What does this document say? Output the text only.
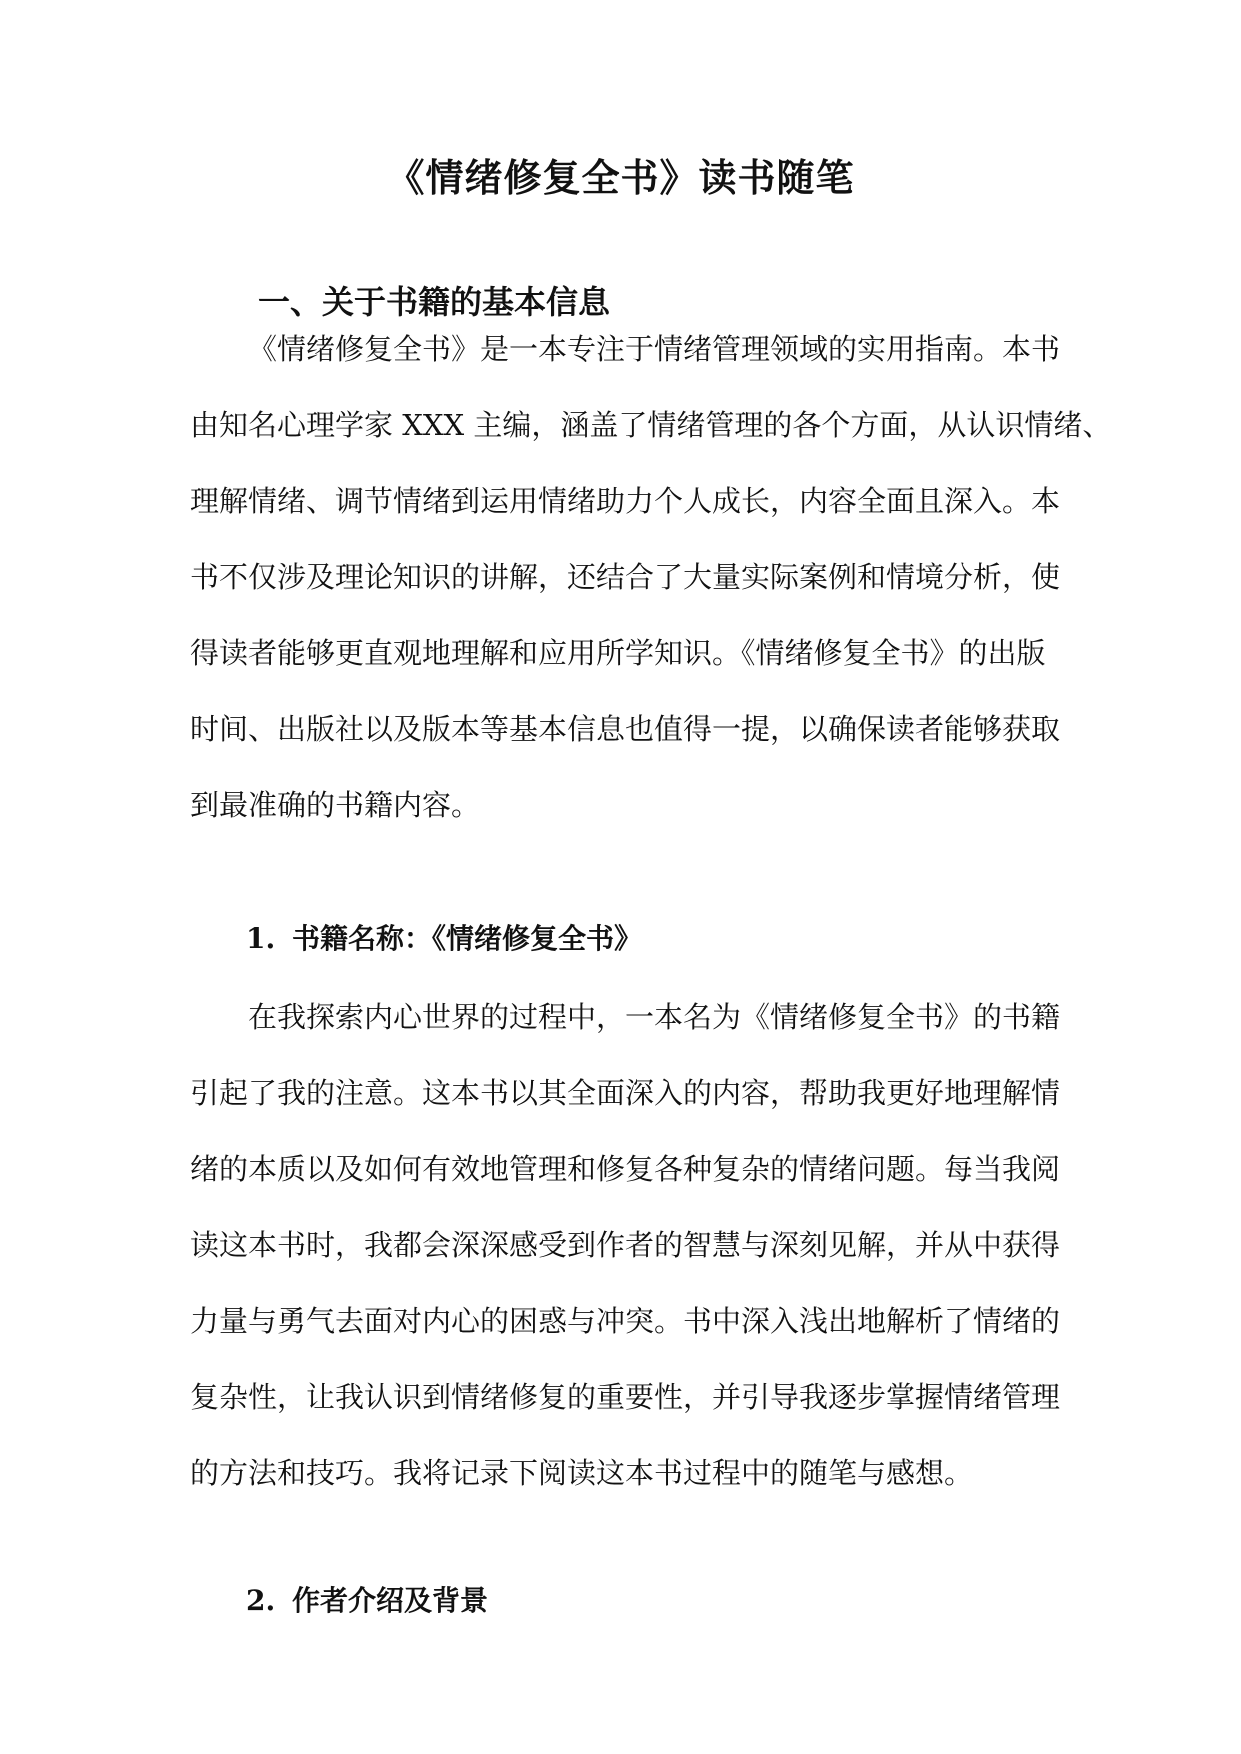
《情绪修复全书》读书随笔
一、关于书籍的基本信息
《情绪修复全书》是一本专注于情绪管理领域的实用指南。本书
由知名心理学家 XXX 主编，涵盖了情绪管理的各个方面，从认识情绪、
理解情绪、调节情绪到运用情绪助力个人成长，内容全面且深入。本
书不仅涉及理论知识的讲解，还结合了大量实际案例和情境分析，使
得读者能够更直观地理解和应用所学知识。《情绪修复全书》的出版
时间、出版社以及版本等基本信息也值得一提，以确保读者能够获取
到最准确的书籍内容。
1. 书籍名称：《情绪修复全书》
在我探索内心世界的过程中，一本名为《情绪修复全书》的书籍
引起了我的注意。这本书以其全面深入的内容，帮助我更好地理解情
绪的本质以及如何有效地管理和修复各种复杂的情绪问题。每当我阅
读这本书时，我都会深深感受到作者的智慧与深刻见解，并从中获得
力量与勇气去面对内心的困惑与冲突。书中深入浅出地解析了情绪的
复杂性，让我认识到情绪修复的重要性，并引导我逐步掌握情绪管理
的方法和技巧。我将记录下阅读这本书过程中的随笔与感想。
2. 作者介绍及背景
